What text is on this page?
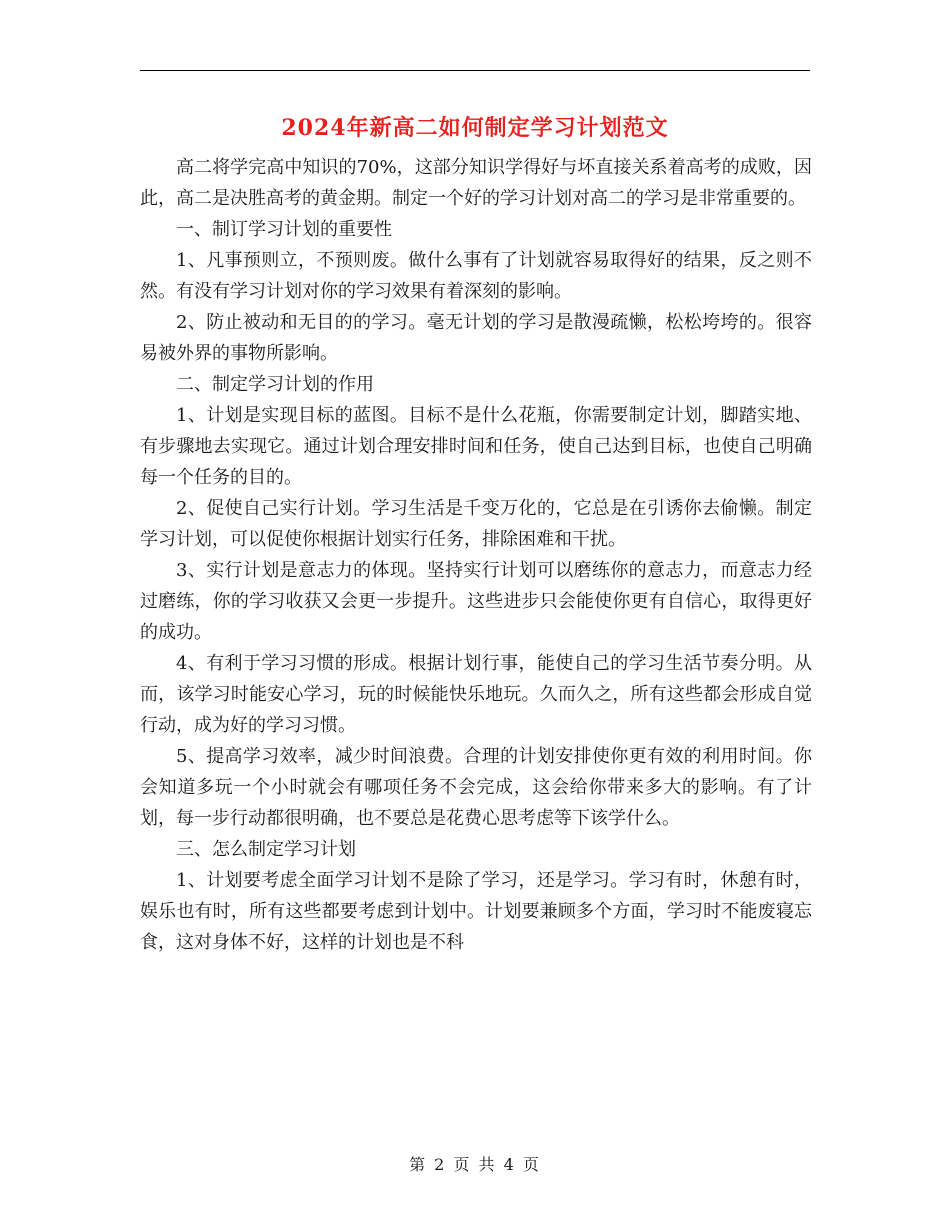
2024年新高二如何制定学习计划范文

高二将学完高中知识的70%，这部分知识学得好与坏直接关系着高考的成败，因此，高二是决胜高考的黄金期。制定一个好的学习计划对高二的学习是非常重要的。

一、制订学习计划的重要性

1、凡事预则立，不预则废。做什么事有了计划就容易取得好的结果，反之则不然。有没有学习计划对你的学习效果有着深刻的影响。

2、防止被动和无目的的学习。毫无计划的学习是散漫疏懒，松松垮垮的。很容易被外界的事物所影响。

二、制定学习计划的作用

1、计划是实现目标的蓝图。目标不是什么花瓶，你需要制定计划，脚踏实地、有步骤地去实现它。通过计划合理安排时间和任务，使自己达到目标，也使自己明确每一个任务的目的。

2、促使自己实行计划。学习生活是千变万化的，它总是在引诱你去偷懒。制定学习计划，可以促使你根据计划实行任务，排除困难和干扰。

3、实行计划是意志力的体现。坚持实行计划可以磨练你的意志力，而意志力经过磨练，你的学习收获又会更一步提升。这些进步只会能使你更有自信心，取得更好的成功。

4、有利于学习习惯的形成。根据计划行事，能使自己的学习生活节奏分明。从而，该学习时能安心学习，玩的时候能快乐地玩。久而久之，所有这些都会形成自觉行动，成为好的学习习惯。

5、提高学习效率，减少时间浪费。合理的计划安排使你更有效的利用时间。你会知道多玩一个小时就会有哪项任务不会完成，这会给你带来多大的影响。有了计划，每一步行动都很明确，也不要总是花费心思考虑等下该学什么。

三、怎么制定学习计划

1、计划要考虑全面学习计划不是除了学习，还是学习。学习有时，休憩有时，娱乐也有时，所有这些都要考虑到计划中。计划要兼顾多个方面，学习时不能废寝忘食，这对身体不好，这样的计划也是不科

第 2 页 共 4 页
